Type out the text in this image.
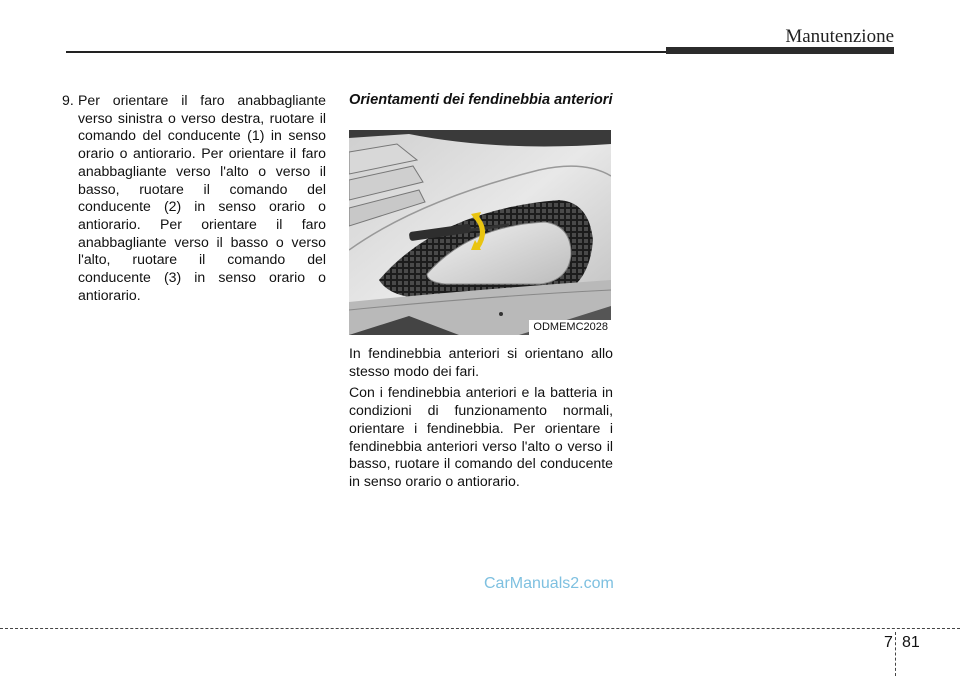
Manutenzione
9. Per orientare il faro anabbagliante verso sinistra o verso destra, ruotare il comando del conducente (1) in senso orario o antiorario. Per orientare il faro anabbagliante verso l'alto o verso il basso, ruotare il comando del conducente (2) in senso orario o antiorario. Per orientare il faro anabbagliante verso il basso o verso l'alto, ruotare il comando del conducente (3) in senso orario o antiorario.
Orientamenti dei fendinebbia anteriori
ODMEMC2028

In fendinebbia anteriori si orientano allo stesso modo dei fari.

Con i fendinebbia anteriori e la batteria in condizioni di funzionamento normali, orientare i fendinebbia. Per orientare i fendinebbia anteriori verso l'alto o verso il basso, ruotare il comando del conducente in senso orario o antiorario.

CarManuals2.com
7 81
